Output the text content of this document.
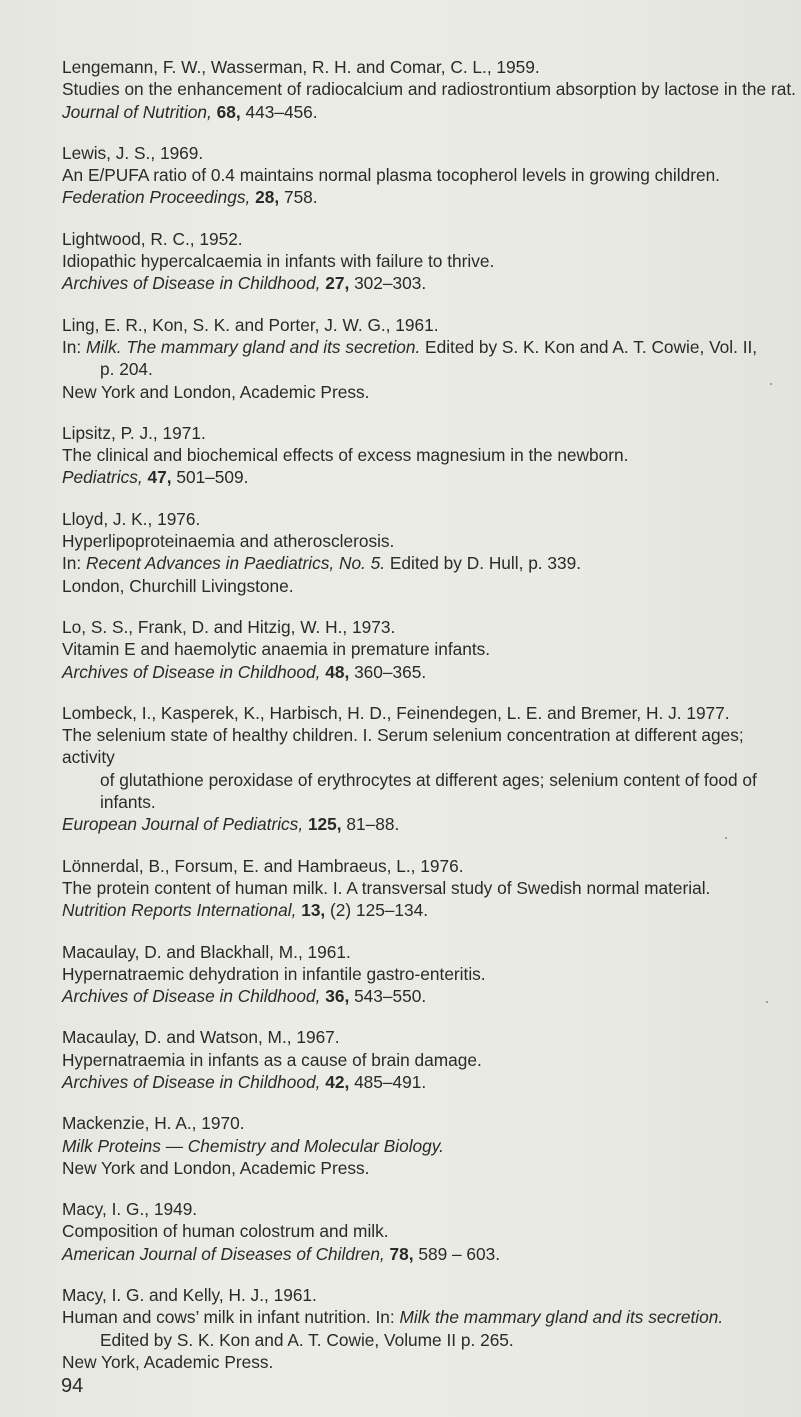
Lengemann, F. W., Wasserman, R. H. and Comar, C. L., 1959.
Studies on the enhancement of radiocalcium and radiostrontium absorption by lactose in the rat.
Journal of Nutrition, 68, 443–456.
Lewis, J. S., 1969.
An E/PUFA ratio of 0.4 maintains normal plasma tocopherol levels in growing children.
Federation Proceedings, 28, 758.
Lightwood, R. C., 1952.
Idiopathic hypercalcaemia in infants with failure to thrive.
Archives of Disease in Childhood, 27, 302–303.
Ling, E. R., Kon, S. K. and Porter, J. W. G., 1961.
In: Milk. The mammary gland and its secretion. Edited by S. K. Kon and A. T. Cowie, Vol. II,
p. 204.
New York and London, Academic Press.
Lipsitz, P. J., 1971.
The clinical and biochemical effects of excess magnesium in the newborn.
Pediatrics, 47, 501–509.
Lloyd, J. K., 1976.
Hyperlipoproteinaemia and atherosclerosis.
In: Recent Advances in Paediatrics, No. 5. Edited by D. Hull, p. 339.
London, Churchill Livingstone.
Lo, S. S., Frank, D. and Hitzig, W. H., 1973.
Vitamin E and haemolytic anaemia in premature infants.
Archives of Disease in Childhood, 48, 360–365.
Lombeck, I., Kasperek, K., Harbisch, H. D., Feinendegen, L. E. and Bremer, H. J. 1977.
The selenium state of healthy children. I. Serum selenium concentration at different ages; activity
of glutathione peroxidase of erythrocytes at different ages; selenium content of food of infants.
European Journal of Pediatrics, 125, 81–88.
Lönnerdal, B., Forsum, E. and Hambraeus, L., 1976.
The protein content of human milk. I. A transversal study of Swedish normal material.
Nutrition Reports International, 13, (2) 125–134.
Macaulay, D. and Blackhall, M., 1961.
Hypernatraemic dehydration in infantile gastro-enteritis.
Archives of Disease in Childhood, 36, 543–550.
Macaulay, D. and Watson, M., 1967.
Hypernatraemia in infants as a cause of brain damage.
Archives of Disease in Childhood, 42, 485–491.
Mackenzie, H. A., 1970.
Milk Proteins — Chemistry and Molecular Biology.
New York and London, Academic Press.
Macy, I. G., 1949.
Composition of human colostrum and milk.
American Journal of Diseases of Children, 78, 589 – 603.
Macy, I. G. and Kelly, H. J., 1961.
Human and cows’ milk in infant nutrition. In: Milk the mammary gland and its secretion.
Edited by S. K. Kon and A. T. Cowie, Volume II p. 265.
New York, Academic Press.
94
